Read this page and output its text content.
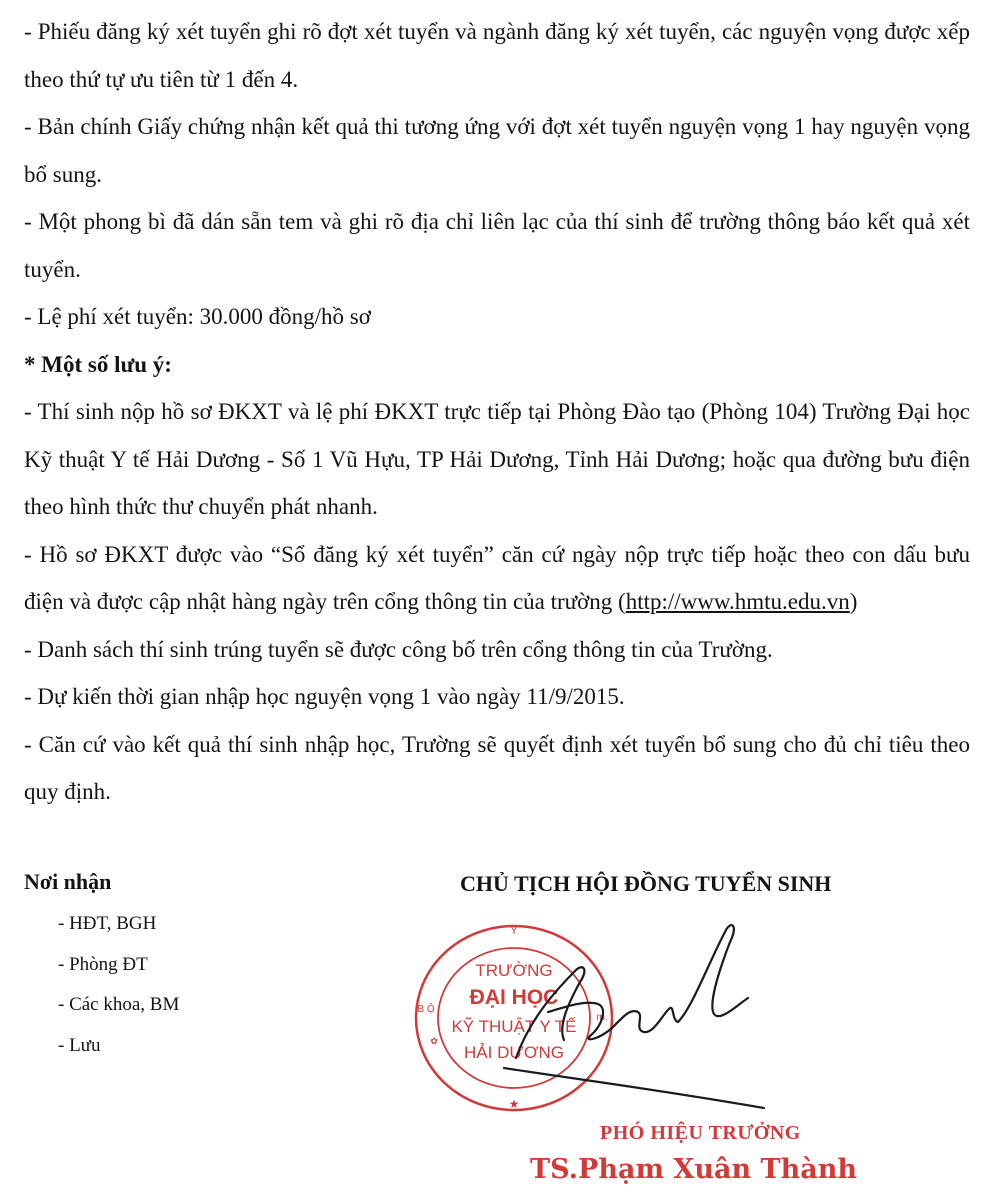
- Phiếu đăng ký xét tuyển ghi rõ đợt xét tuyển và ngành đăng ký xét tuyển, các nguyện vọng được xếp theo thứ tự ưu tiên từ 1 đến 4.

- Bản chính Giấy chứng nhận kết quả thi tương ứng với đợt xét tuyển nguyện vọng 1 hay nguyện vọng bổ sung.

- Một phong bì đã dán sẵn tem và ghi rõ địa chỉ liên lạc của thí sinh để trường thông báo kết quả xét tuyển.

- Lệ phí xét tuyển: 30.000 đồng/hồ sơ

* Một số lưu ý:

- Thí sinh nộp hồ sơ ĐKXT và lệ phí ĐKXT trực tiếp tại Phòng Đào tạo (Phòng 104) Trường Đại học Kỹ thuật Y tế Hải Dương - Số 1 Vũ Hựu, TP Hải Dương, Tỉnh Hải Dương; hoặc qua đường bưu điện theo hình thức thư chuyển phát nhanh.

- Hồ sơ ĐKXT được vào “Sổ đăng ký xét tuyển” căn cứ ngày nộp trực tiếp hoặc theo con dấu bưu điện và được cập nhật hàng ngày trên cổng thông tin của trường (http://www.hmtu.edu.vn)

- Danh sách thí sinh trúng tuyển sẽ được công bố trên cổng thông tin của Trường.

- Dự kiến thời gian nhập học nguyện vọng 1 vào ngày 11/9/2015.

- Căn cứ vào kết quả thí sinh nhập học, Trường sẽ quyết định xét tuyển bổ sung cho đủ chỉ tiêu theo quy định.

Nơi nhận
- HĐT, BGH
- Phòng ĐT
- Các khoa, BM
- Lưu
CHỦ TỊCH HỘI ĐỒNG TUYỂN SINH
Y
TRƯỜNG
ĐẠI HỌC
KỸ THUẬT Y TẾ
HẢI DƯƠNG
B Ộ
m.
★
✿
PHÓ HIỆU TRƯỞNG
TS.Phạm Xuân Thành
